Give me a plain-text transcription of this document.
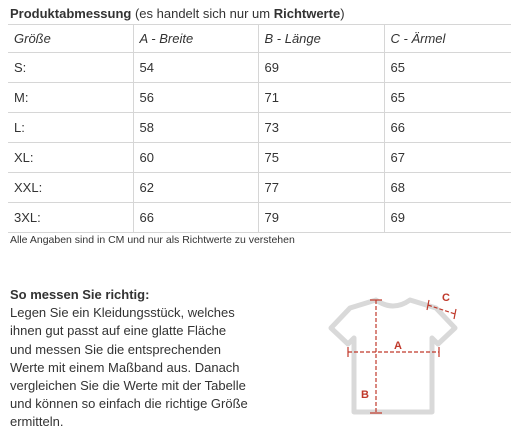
Produktabmessung (es handelt sich nur um Richtwerte)
Größe	A - Breite	B - Länge	C - Ärmel
S:	54	69	65
M:	56	71	65
L:	58	73	66
XL:	60	75	67
XXL:	62	77	68
3XL:	66	79	69
Alle Angaben sind in CM und nur als Richtwerte zu verstehen
So messen Sie richtig:
Legen Sie ein Kleidungsstück, welches ihnen gut passt auf eine glatte Fläche und messen Sie die entsprechenden Werte mit einem Maßband aus. Danach vergleichen Sie die Werte mit der Tabelle und können so einfach die richtige Größe ermitteln.
A
B
C
